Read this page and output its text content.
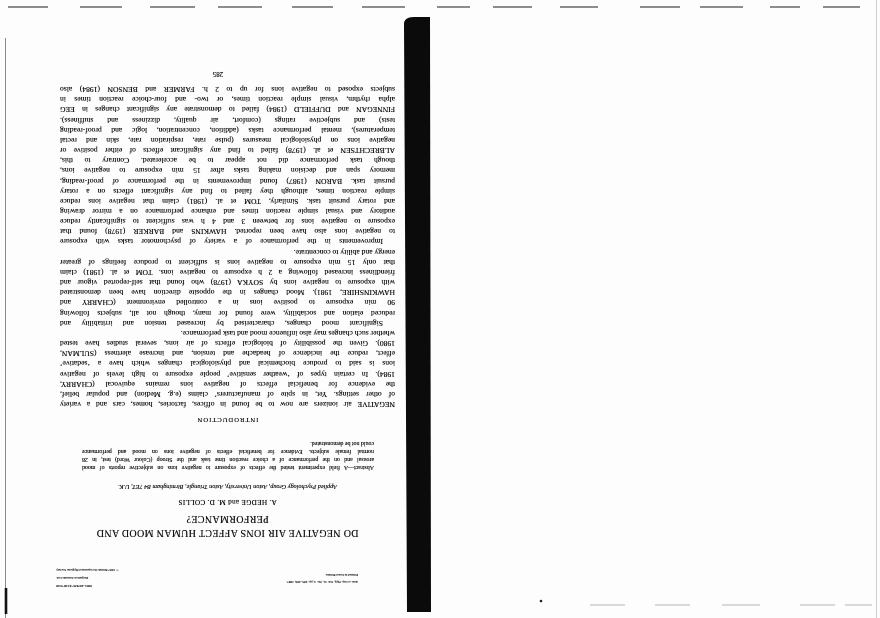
Ann. occup. Hyg. Vol. 31, No. 3, pp. 285–290, 1987.
Printed in Great Britain.
0003–4878/87 $3.00+0.00
Pergamon Journals Ltd.
© 1987 British Occupational Hygiene Society
DO NEGATIVE AIR IONS AFFECT HUMAN MOOD AND
PERFORMANCE?
A. HEDGE and M. D. COLLIS
Applied Psychology Group, Aston University, Aston Triangle, Birmingham B4 7ET, U.K.
Abstract—A field experiment tested the effects of exposure to negative ions on subjective reports of mood
arousal and on the performance of a choice reaction time task and the Stroop (Colour Word) test, in 28
normal female subjects. Evidence for beneficial effects of negative ions on mood and performance
could not be demonstrated.
INTRODUCTION
NEGATIVE air ionizers are now to be found in offices, factories, homes, cars and a variety
of other settings. Yet, in spite of manufacturers’ claims (e.g. Medion) and popular belief,
the evidence for beneficial effects of negative ions remains equivocal (CHARRY,
1984). In certain types of ‘weather sensitive’ people exposure to high levels of negative
ions is said to produce biochemical and physiological changes which have a ‘sedative’
effect, reduce the incidence of headache and tension, and increase alertness (SULMAN,
1980). Given the possibility of biological effects of air ions, several studies have tested
whether such changes may also influence mood and task performance.
Significant mood changes, characterised by increased tension and irritability and
reduced elation and sociability, were found for many, though not all, subjects following
90 min exposure to positive ions in a controlled environment (CHARRY and
HAWKINSHIRE, 1981). Mood changes in the opposite direction have been demonstrated
with exposure to negative ions by SOYKA (1978) who found that self-reported vigour and
friendliness increased following a 2 h exposure to negative ions. TOM et al. (1981) claim
that only 15 min exposure to negative ions is sufficient to produce feelings of greater
energy and ability to concentrate.
Improvements in the performance of a variety of psychomotor tasks with exposure
to negative ions also have been reported. HAWKINS and BARKER (1978) found that
exposure to negative ions for between 3 and 4 h was sufficient to significantly reduce
auditory and visual simple reaction times and enhance performance on a mirror drawing
and rotary pursuit task. Similarly, TOM et al. (1981) claim that negative ions reduce
simple reaction times, although they failed to find any significant effects on a rotary
pursuit task. BARON (1987) found improvements in the performance of proof-reading,
memory span and decision making tasks after 15 min exposure to negative ions,
though task performance did not appear to be accelerated. Contrary to this,
ALBRECHTSEN et al. (1978) failed to find any significant effects of either positive or
negative ions on physiological measures (pulse rate, respiration rate, skin and rectal
temperatures), mental performance tasks (addition, concentration, logic and proof-reading
tests) and subjective ratings (comfort, air quality, dizziness and stuffiness).
FINNEGAN and DUFFIELD (1984) failed to demonstrate any significant changes in EEG
alpha rhythm, visual simple reaction times, or two- and four-choice reaction times in
subjects exposed to negative ions for up to 2 h. FARMER and BENSON (1984) also
285
